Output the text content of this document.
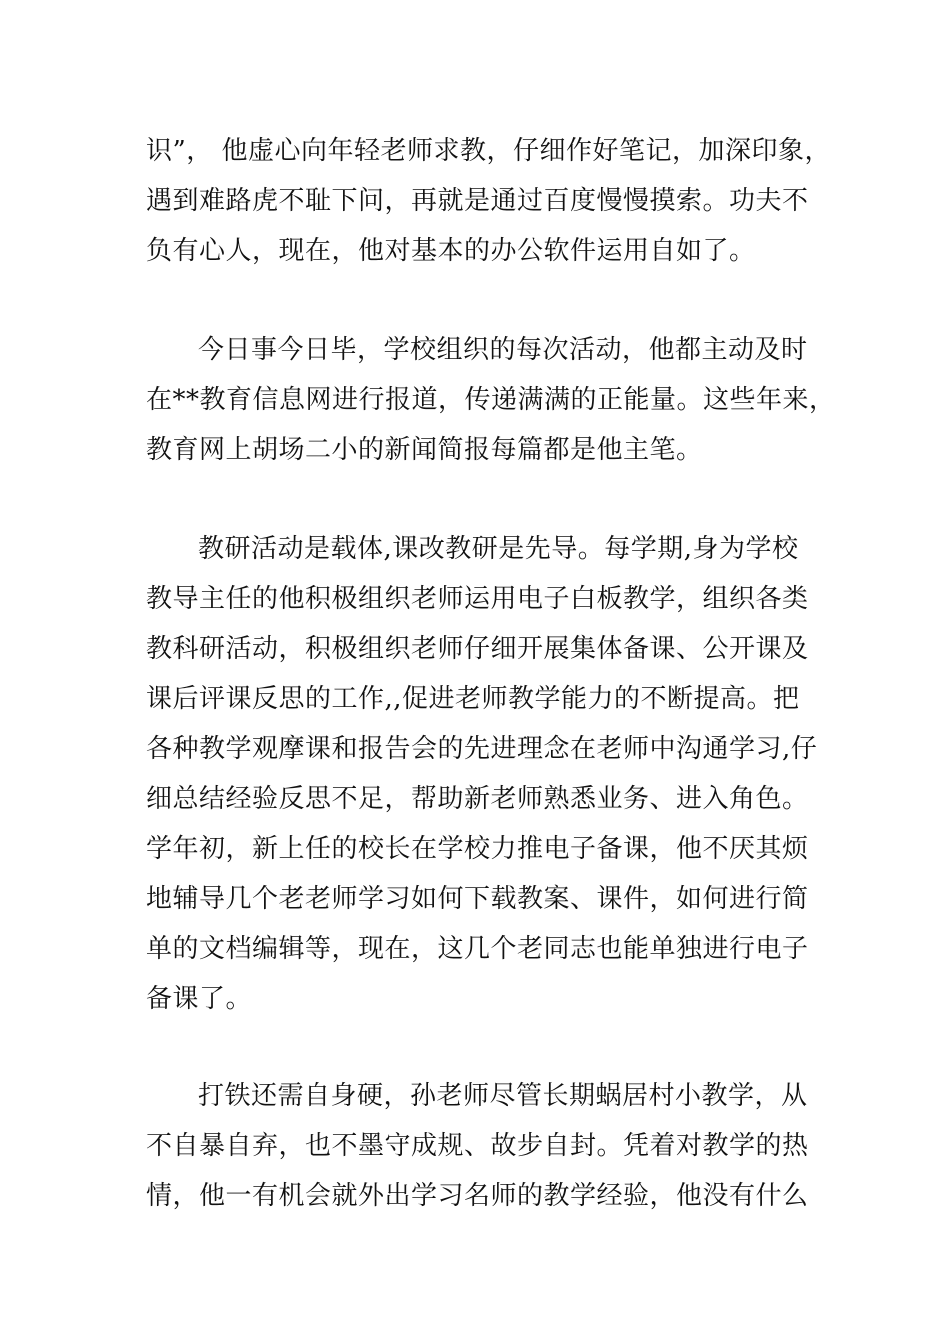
识”， 他虚心向年轻老师求教，仔细作好笔记，加深印象，
遇到难路虎不耻下问，再就是通过百度慢慢摸索。功夫不
负有心人，现在，他对基本的办公软件运用自如了。
今日事今日毕，学校组织的每次活动，他都主动及时
在**教育信息网进行报道，传递满满的正能量。这些年来，
教育网上胡场二小的新闻简报每篇都是他主笔。
教研活动是载体,课改教研是先导。每学期,身为学校
教导主任的他积极组织老师运用电子白板教学，组织各类
教科研活动，积极组织老师仔细开展集体备课、公开课及
课后评课反思的工作,,促进老师教学能力的不断提高。把
各种教学观摩课和报告会的先进理念在老师中沟通学习,仔
细总结经验反思不足，帮助新老师熟悉业务、进入角色。
学年初，新上任的校长在学校力推电子备课，他不厌其烦
地辅导几个老老师学习如何下载教案、课件，如何进行简
单的文档编辑等，现在，这几个老同志也能单独进行电子
备课了。
打铁还需自身硬，孙老师尽管长期蜗居村小教学，从
不自暴自弃，也不墨守成规、故步自封。凭着对教学的热
情，他一有机会就外出学习名师的教学经验，他没有什么
